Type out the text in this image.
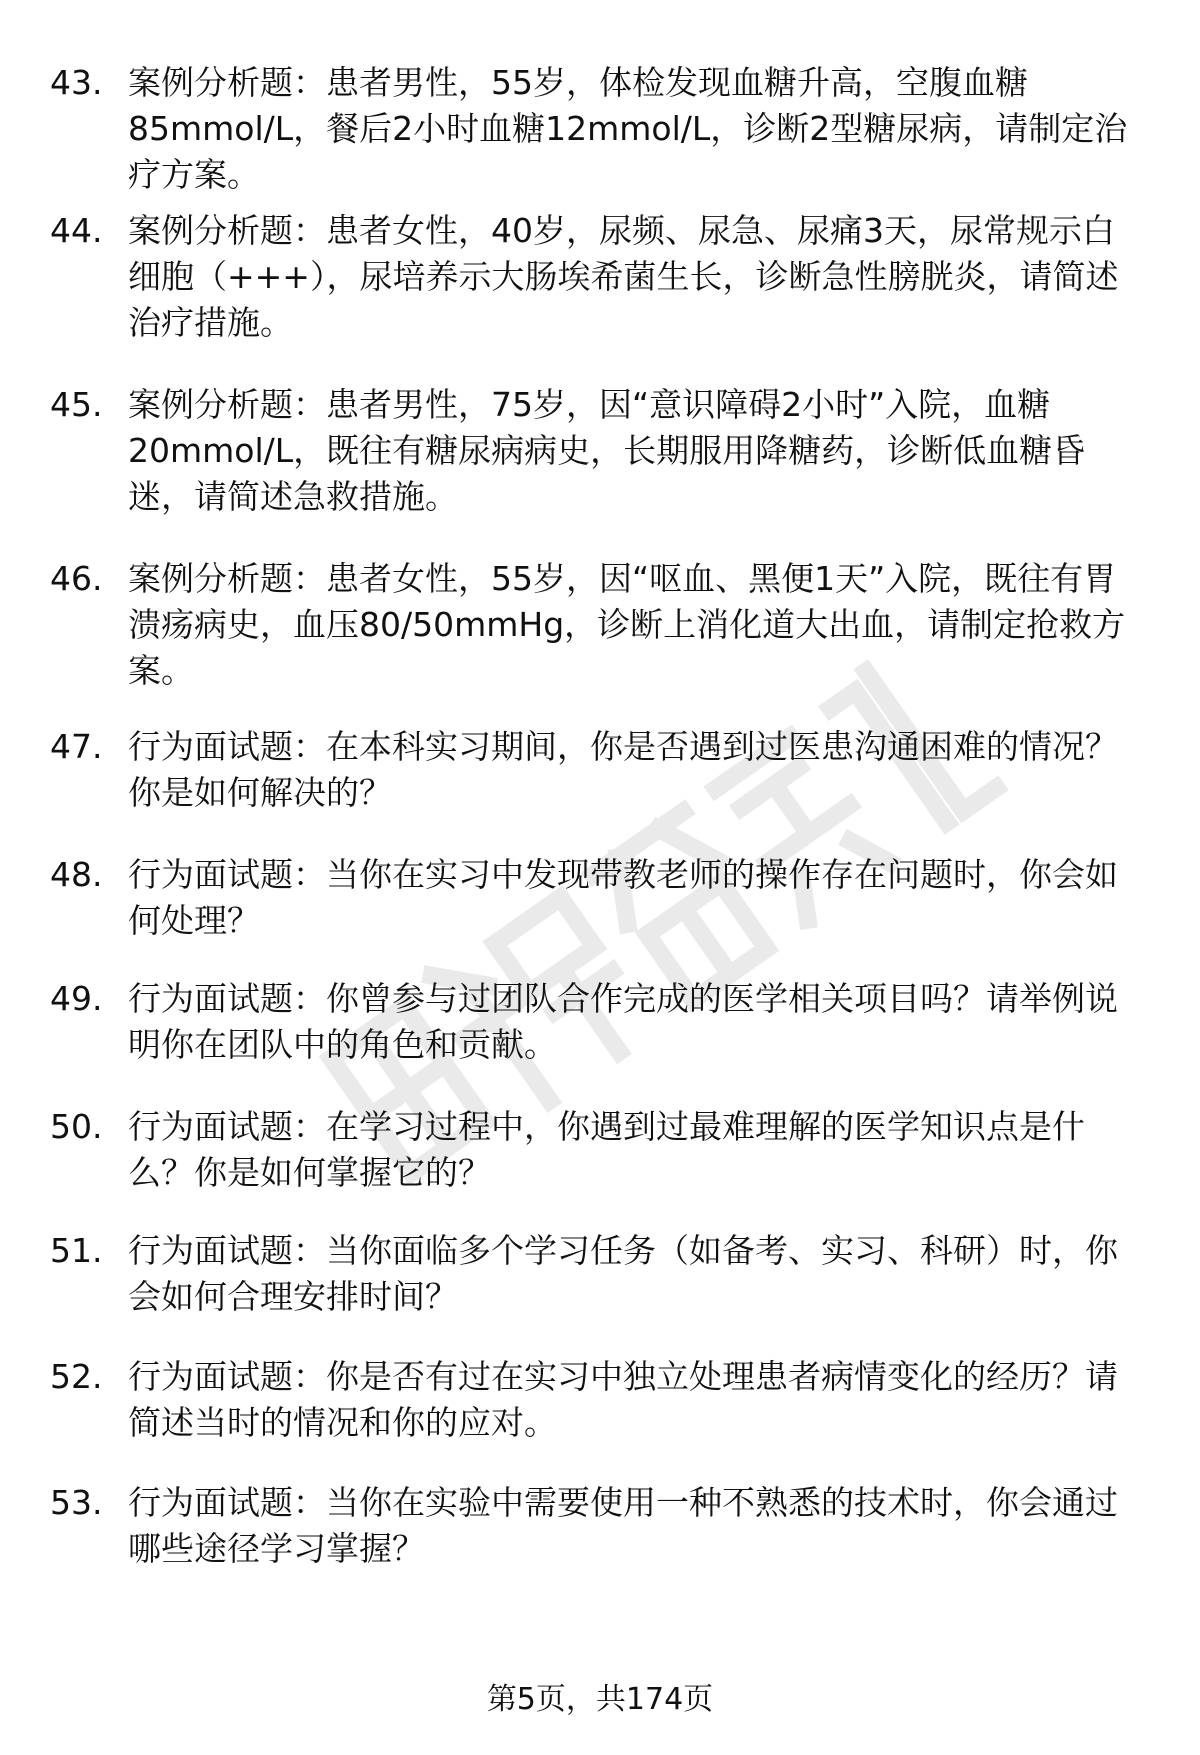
43. 案例分析题：患者男性，55岁，体检发现血糖升高，空腹血糖85mmol/L，餐后2小时血糖12mmol/L，诊断2型糖尿病，请制定治疗方案。
44. 案例分析题：患者女性，40岁，尿频、尿急、尿痛3天，尿常规示白细胞（+++），尿培养示大肠埃希菌生长，诊断急性膀胱炎，请简述治疗措施。
45. 案例分析题：患者男性，75岁，因“意识障碍2小时”入院，血糖20mmol/L，既往有糖尿病病史，长期服用降糖药，诊断低血糖昏迷，请简述急救措施。
46. 案例分析题：患者女性，55岁，因“呕血、黑便1天”入院，既往有胃溃疡病史，血压80/50mmHg，诊断上消化道大出血，请制定抢救方案。
47. 行为面试题：在本科实习期间，你是否遇到过医患沟通困难的情况？你是如何解决的？
48. 行为面试题：当你在实习中发现带教老师的操作存在问题时，你会如何处理？
49. 行为面试题：你曾参与过团队合作完成的医学相关项目吗？请举例说明你在团队中的角色和贡献。
50. 行为面试题：在学习过程中，你遇到过最难理解的医学知识点是什么？你是如何掌握它的？
51. 行为面试题：当你面临多个学习任务（如备考、实习、科研）时，你会如何合理安排时间？
52. 行为面试题：你是否有过在实习中独立处理患者病情变化的经历？请简述当时的情况和你的应对。
53. 行为面试题：当你在实验中需要使用一种不熟悉的技术时，你会通过哪些途径学习掌握？
第5页，共174页
